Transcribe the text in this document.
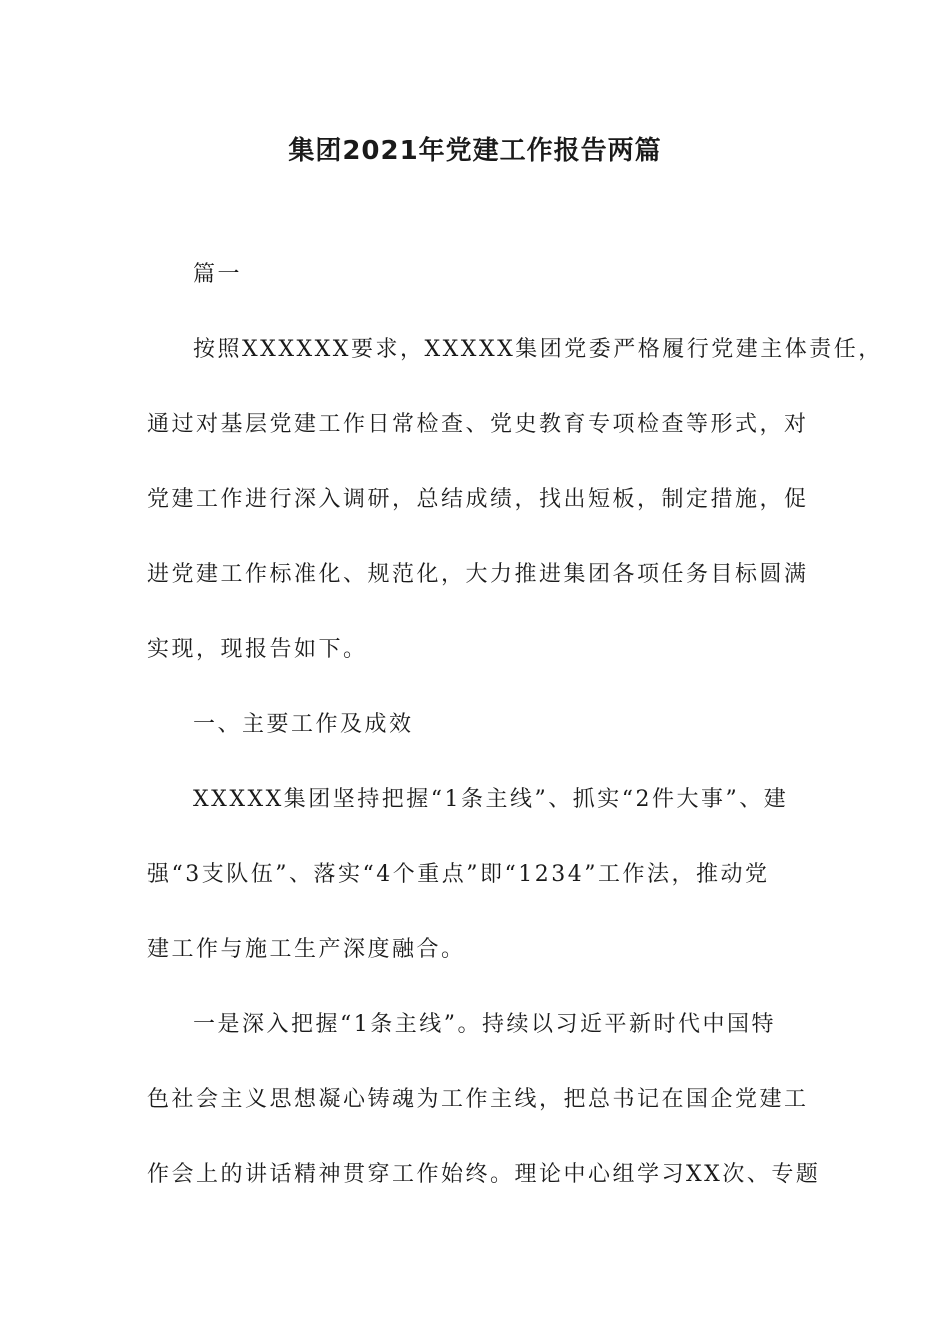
集团2021年党建工作报告两篇
篇一
按照XXXXXX要求，XXXXX集团党委严格履行党建主体责任，
通过对基层党建工作日常检查、党史教育专项检查等形式，对
党建工作进行深入调研，总结成绩，找出短板，制定措施，促
进党建工作标准化、规范化，大力推进集团各项任务目标圆满
实现，现报告如下。
一、主要工作及成效
XXXXX集团坚持把握“1条主线”、抓实“2件大事”、建
强“3支队伍”、落实“4个重点”即“1234”工作法，推动党
建工作与施工生产深度融合。
一是深入把握“1条主线”。持续以习近平新时代中国特
色社会主义思想凝心铸魂为工作主线，把总书记在国企党建工
作会上的讲话精神贯穿工作始终。理论中心组学习XX次、专题
